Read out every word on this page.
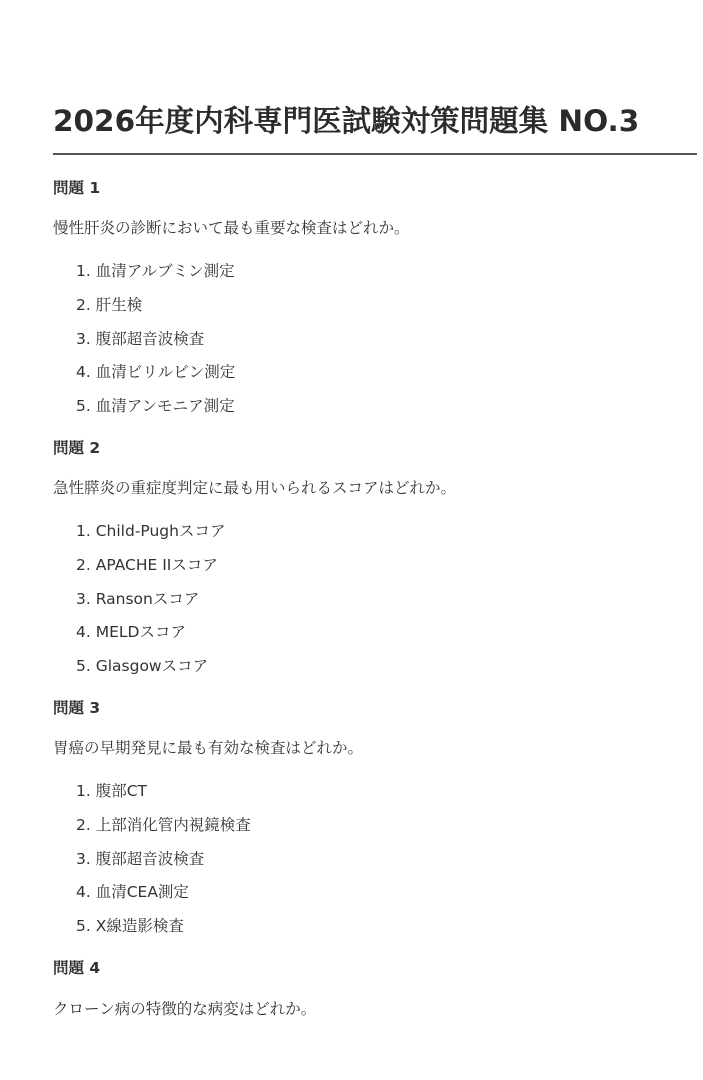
2026年度内科専門医試験対策問題集 NO.3
問題 1
慢性肝炎の診断において最も重要な検査はどれか。
1. 血清アルブミン測定
2. 肝生検
3. 腹部超音波検査
4. 血清ビリルビン測定
5. 血清アンモニア測定
問題 2
急性膵炎の重症度判定に最も用いられるスコアはどれか。
1. Child-Pughスコア
2. APACHE IIスコア
3. Ransonスコア
4. MELDスコア
5. Glasgowスコア
問題 3
胃癌の早期発見に最も有効な検査はどれか。
1. 腹部CT
2. 上部消化管内視鏡検査
3. 腹部超音波検査
4. 血清CEA測定
5. X線造影検査
問題 4
クローン病の特徴的な病変はどれか。
